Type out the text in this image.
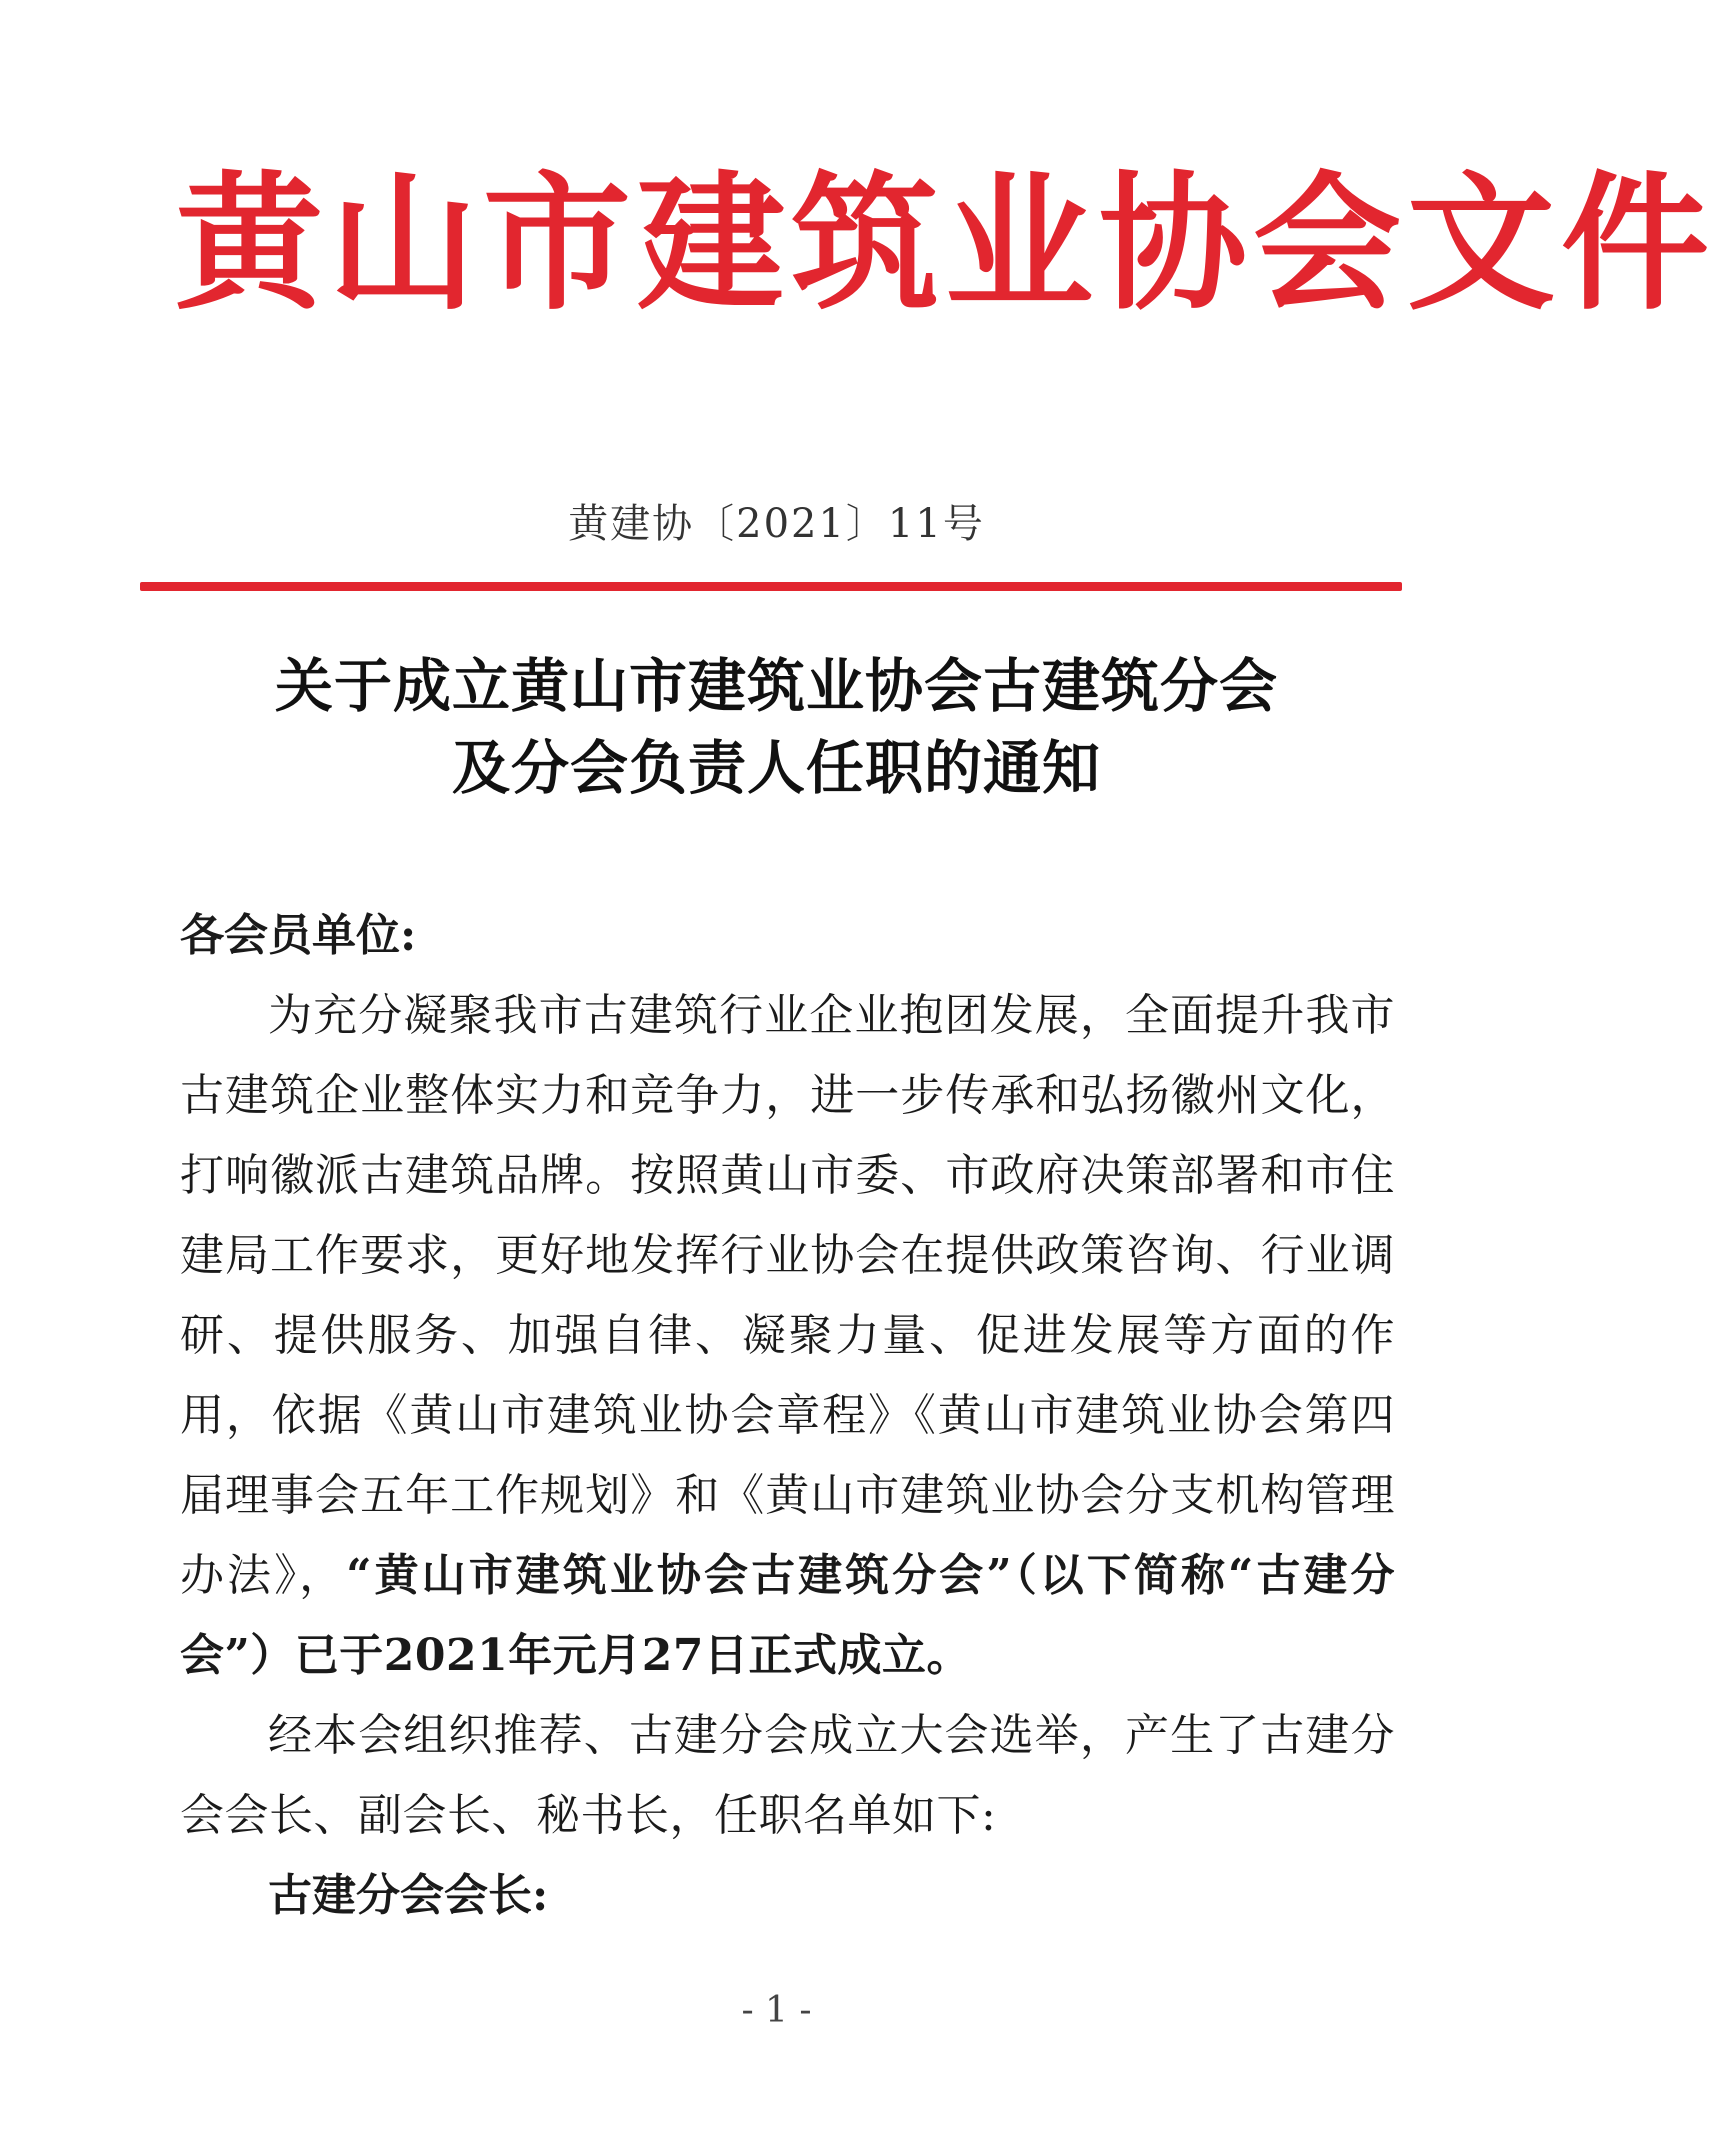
黄山市建筑业协会文件
黄建协〔2021〕11号
关于成立黄山市建筑业协会古建筑分会
及分会负责人任职的通知
各会员单位:
为充分凝聚我市古建筑行业企业抱团发展，全面提升我市古建筑企业整体实力和竞争力，进一步传承和弘扬徽州文化，打响徽派古建筑品牌。按照黄山市委、市政府决策部署和市住建局工作要求，更好地发挥行业协会在提供政策咨询、行业调研、提供服务、加强自律、凝聚力量、促进发展等方面的作用，依据《黄山市建筑业协会章程》《黄山市建筑业协会第四届理事会五年工作规划》和《黄山市建筑业协会分支机构管理办法》，“黄山市建筑业协会古建筑分会”（以下简称“古建分会”）已于2021年元月27日正式成立。
经本会组织推荐、古建分会成立大会选举，产生了古建分会会长、副会长、秘书长，任职名单如下:
古建分会会长:
- 1 -
